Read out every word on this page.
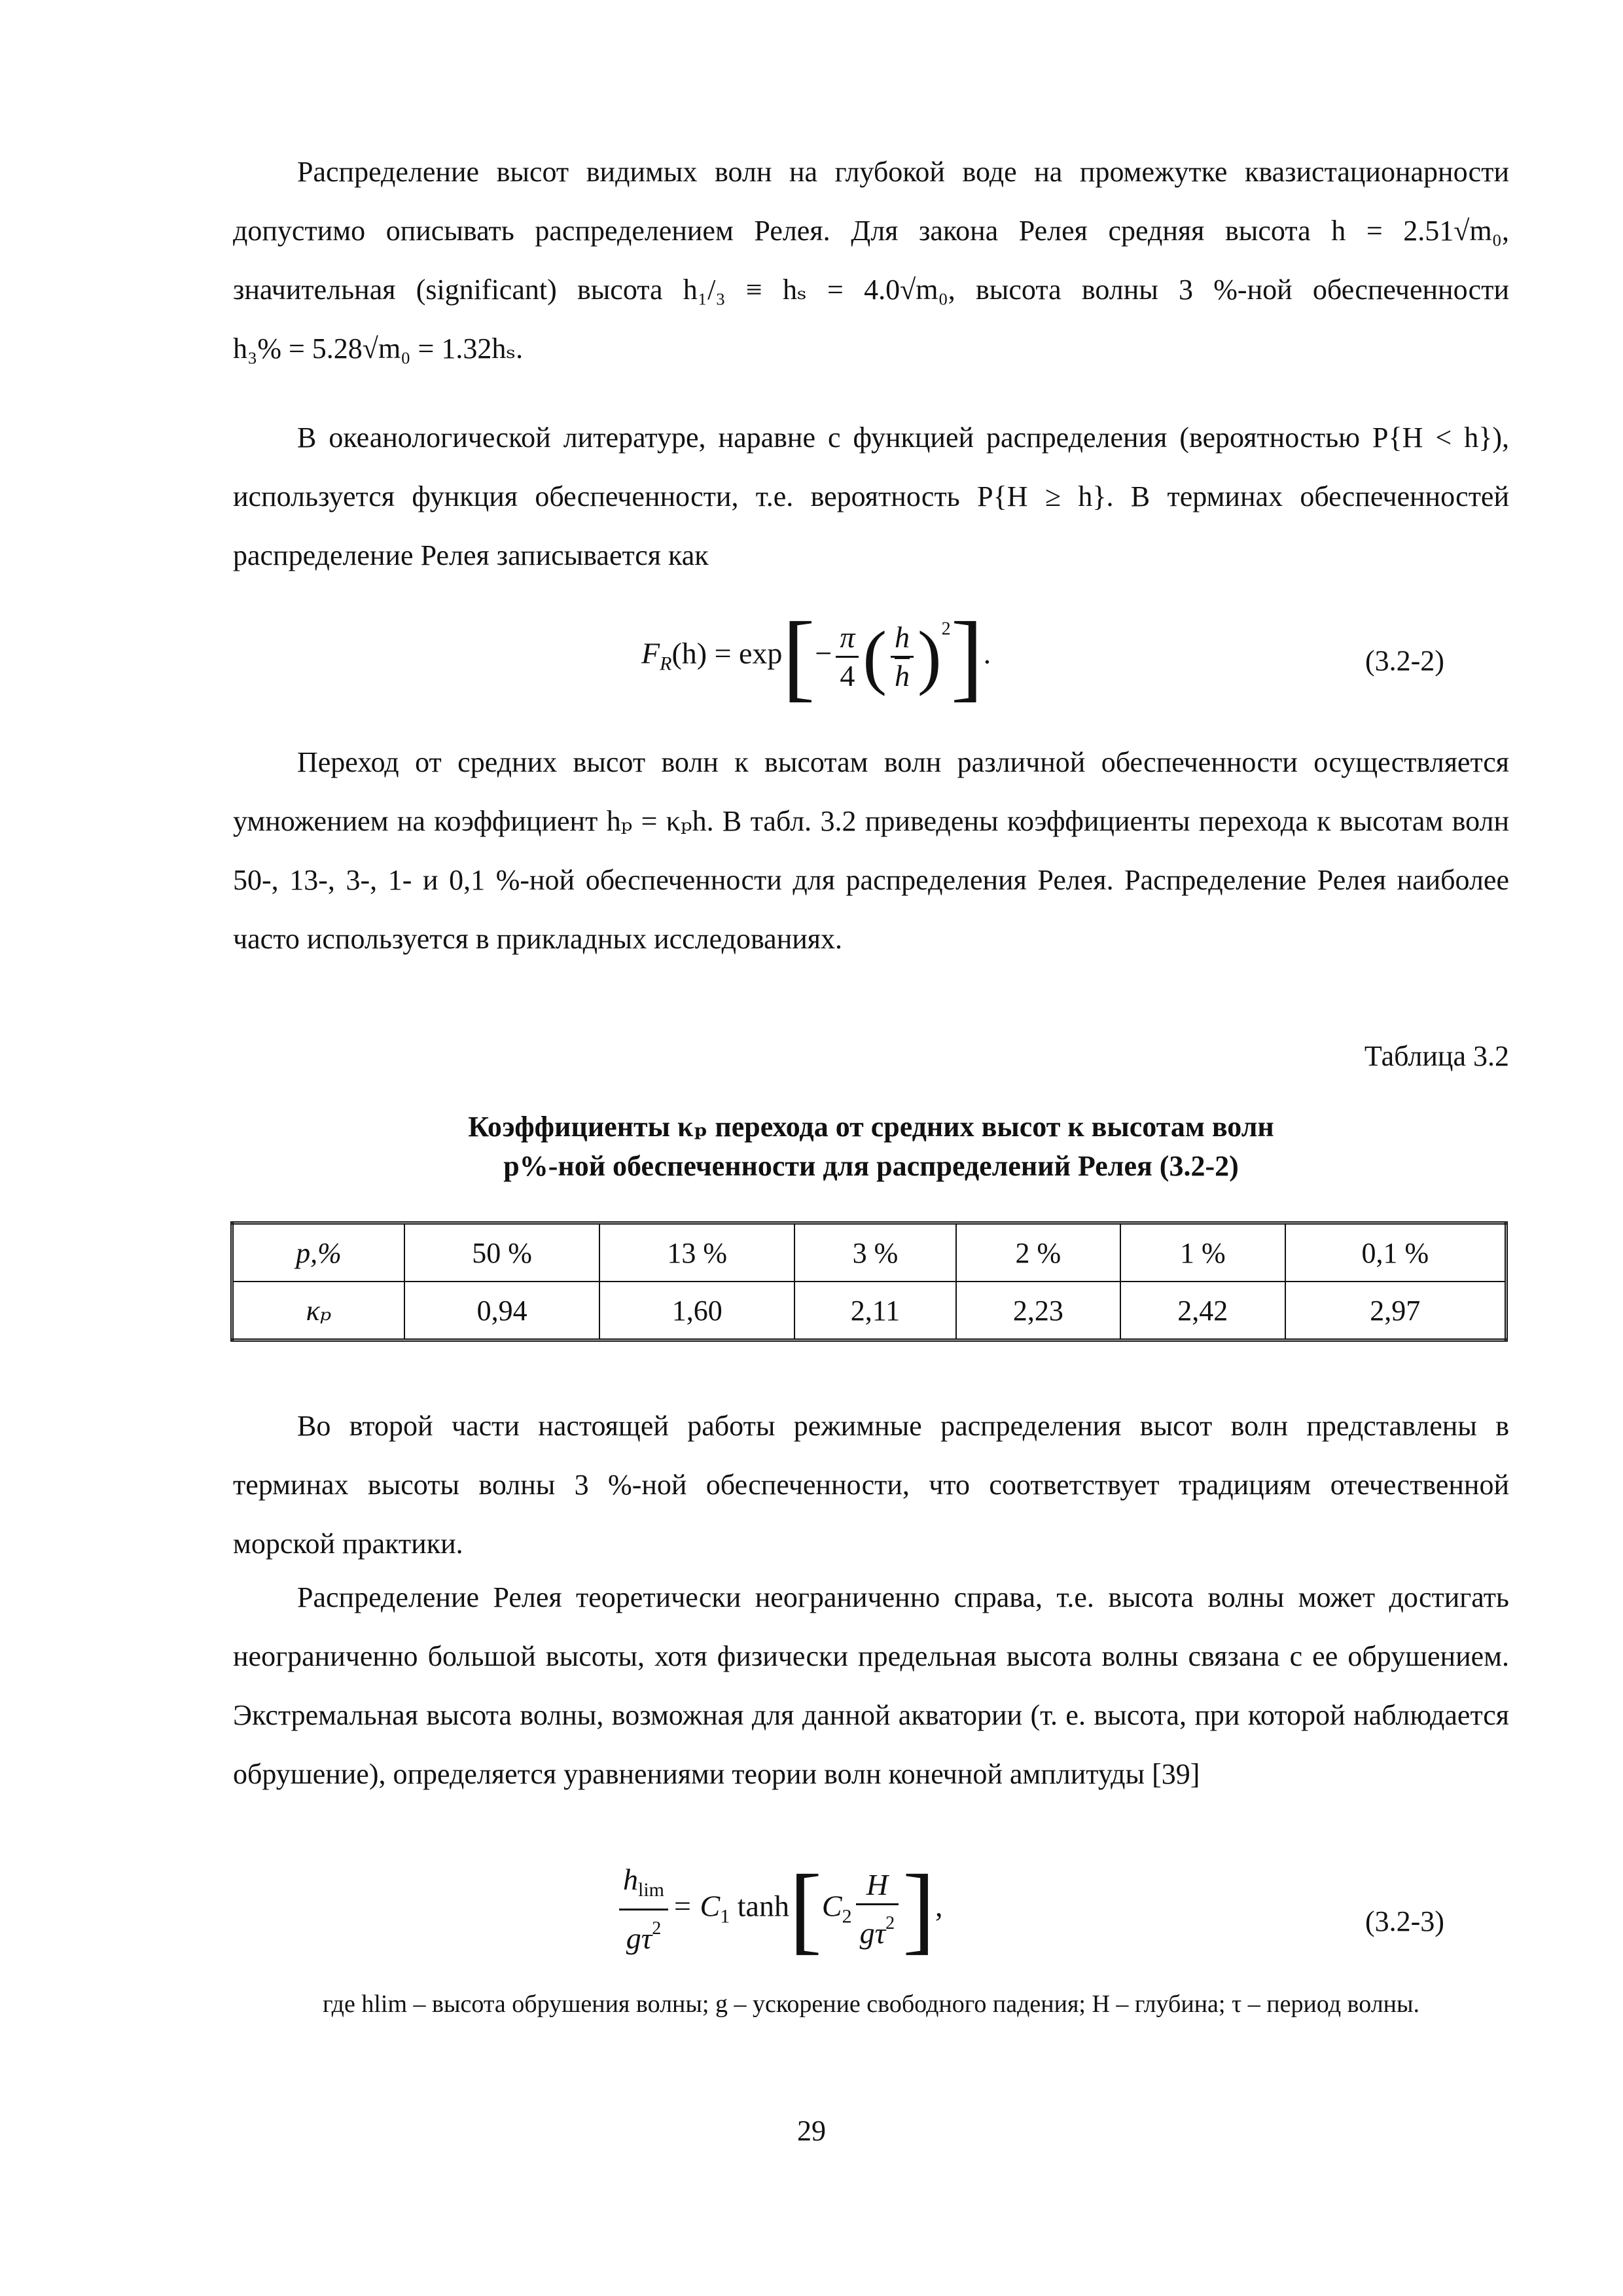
Распределение высот видимых волн на глубокой воде на промежутке квазистационарности допустимо описывать распределением Релея. Для закона Релея средняя высота h = 2.51√m₀, значительная (significant) высота h₁/₃ ≡ hₛ = 4.0√m₀, высота волны 3 %-ной обеспеченности h₃% = 5.28√m₀ = 1.32hₛ.

В океанологической литературе, наравне с функцией распределения (вероятностью P{H < h}), используется функция обеспеченности, т.е. вероятность P{H ≥ h}. В терминах обеспеченностей распределение Релея записывается как

$F_R(h) = \exp[- \frac{\pi}{4}$ ( $\frac{h}{h} )^2$].	(3.2-2)

Переход от средних высот волн к высотам волн различной обеспеченности осуществляется умножением на коэффициент hₚ = κₚh. В табл. 3.2 приведены коэффициенты перехода к высотам волн 50-, 13-, 3-, 1- и 0,1 %-ной обеспеченности для распределения Релея. Распределение Релея наиболее часто используется в прикладных исследованиях.

Таблица 3.2
Коэффициенты κₚ перехода от средних высот к высотам волн
p%-ной обеспеченности для распределений Релея (3.2-2)
p,%	50 %	13 %	3 %	2 %	1 %	0,1 %
κₚ	0,94	1,60	2,11	2,23	2,42	2,97

Во второй части настоящей работы режимные распределения высот волн представлены в терминах высоты волны 3 %-ной обеспеченности, что соответствует традициям отечественной морской практики.

Распределение Релея теоретически неограниченно справа, т.е. высота волны может достигать неограниченно большой высоты, хотя физически предельная высота волны связана с ее обрушением. Экстремальная высота волны, возможная для данной акватории (т. е. высота, при которой наблюдается обрушение), определяется уравнениями теории волн конечной амплитуды [39]

$\frac{h_{lim}}{g\tau^2} = C_1$ $\tanh[C_2 \frac{H}{g\tau^2}$ ],	(3.2-3)
где hlim – высота обрушения волны; g – ускорение свободного падения; H – глубина; τ – период волны.
29
